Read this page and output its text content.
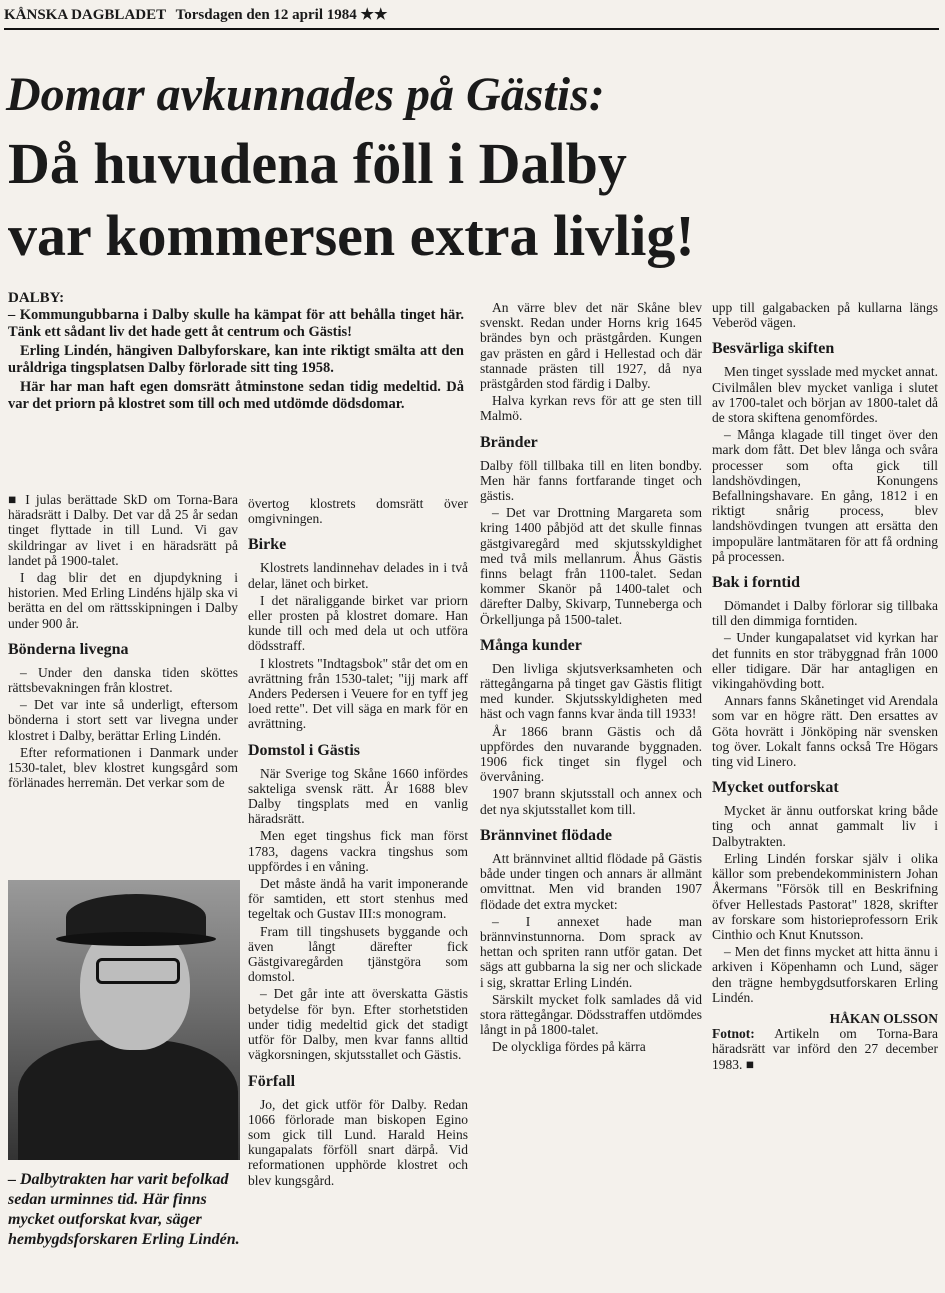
KÅNSKA DAGBLADET Torsdagen den 12 april 1984 ★★
Domar avkunnades på Gästis:
Då huvudena föll i Dalby
var kommersen extra livlig!
DALBY:

– Kommungubbarna i Dalby skulle ha kämpat för att behålla tinget här. Tänk ett sådant liv det hade gett åt centrum och Gästis!

Erling Lindén, hängiven Dalbyforskare, kan inte riktigt smälta att den uråldriga tingsplatsen Dalby förlorade sitt ting 1958.

Här har man haft egen domsrätt åtminstone sedan tidig medeltid. Då var det priorn på klostret som till och med utdömde dödsdomar.

■ I julas berättade SkD om Torna-Bara häradsrätt i Dalby. Det var då 25 år sedan tinget flyttade in till Lund. Vi gav skildringar av livet i en häradsrätt på landet på 1900-talet.

I dag blir det en djupdykning i historien. Med Erling Lindéns hjälp ska vi berätta en del om rättsskipningen i Dalby under 900 år.

Bönderna livegna

– Under den danska tiden sköttes rättsbevakningen från klostret.

– Det var inte så underligt, eftersom bönderna i stort sett var livegna under klostret i Dalby, berättar Erling Lindén.

Efter reformationen i Danmark under 1530-talet, blev klostret kungsgård som förlänades herremän. Det verkar som de

– Dalbytrakten har varit befolkad sedan urminnes tid. Här finns mycket outforskat kvar, säger hembygdsforskaren Erling Lindén.

övertog klostrets domsrätt över omgivningen.

Birke

Klostrets landinnehav delades in i två delar, länet och birket.

I det näraliggande birket var priorn eller prosten på klostret domare. Han kunde till och med dela ut och utföra dödsstraff.

I klostrets "Indtagsbok" står det om en avrättning från 1530-talet; "ijj mark aff Anders Pedersen i Veuere for en tyff jeg loed rette". Det vill säga en mark för en avrättning.

Domstol i Gästis

När Sverige tog Skåne 1660 infördes sakteliga svensk rätt. År 1688 blev Dalby tingsplats med en vanlig häradsrätt.

Men eget tingshus fick man först 1783, dagens vackra tingshus som uppfördes i en våning.

Det måste ändå ha varit imponerande för samtiden, ett stort stenhus med tegeltak och Gustav III:s monogram.

Fram till tingshusets byggande och även långt därefter fick Gästgivaregården tjänstgöra som domstol.

– Det går inte att överskatta Gästis betydelse för byn. Efter storhetstiden under tidig medeltid gick det stadigt utför för Dalby, men kvar fanns alltid vägkorsningen, skjutsstallet och Gästis.

Förfall

Jo, det gick utför för Dalby. Redan 1066 förlorade man biskopen Egino som gick till Lund. Harald Heins kungapalats förföll snart därpå. Vid reformationen upphörde klostret och blev kungsgård.

An värre blev det när Skåne blev svenskt. Redan under Horns krig 1645 brändes byn och prästgården. Kungen gav prästen en gård i Hellestad och där stannade prästen till 1927, då nya prästgården stod färdig i Dalby.

Halva kyrkan revs för att ge sten till Malmö.

Bränder

Dalby föll tillbaka till en liten bondby. Men här fanns fortfarande tinget och gästis.

– Det var Drottning Margareta som kring 1400 påbjöd att det skulle finnas gästgivaregård med skjutsskyldighet med två mils mellanrum. Åhus Gästis finns belagt från 1100-talet. Sedan kommer Skanör på 1400-talet och därefter Dalby, Skivarp, Tunneberga och Örkelljunga på 1500-talet.

Många kunder

Den livliga skjutsverksamheten och rättegångarna på tinget gav Gästis flitigt med kunder. Skjutsskyldigheten med häst och vagn fanns kvar ända till 1933!

År 1866 brann Gästis och då uppfördes den nuvarande byggnaden. 1906 fick tinget sin flygel och övervåning.

1907 brann skjutsstall och annex och det nya skjutsstallet kom till.

Brännvinet flödade

Att brännvinet alltid flödade på Gästis både under tingen och annars är allmänt omvittnat. Men vid branden 1907 flödade det extra mycket:

– I annexet hade man brännvinstunnorna. Dom sprack av hettan och spriten rann utför gatan. Det sägs att gubbarna la sig ner och slickade i sig, skrattar Erling Lindén.

Särskilt mycket folk samlades då vid stora rättegångar. Dödsstraffen utdömdes långt in på 1800-talet.

De olyckliga fördes på kärra

upp till galgabacken på kullarna längs Veberöd vägen.

Besvärliga skiften

Men tinget sysslade med mycket annat. Civilmålen blev mycket vanliga i slutet av 1700-talet och början av 1800-talet då de stora skiftena genomfördes.

– Många klagade till tinget över den mark dom fått. Det blev långa och svåra processer som ofta gick till landshövdingen, Konungens Befallningshavare. En gång, 1812 i en riktigt snårig process, blev landshövdingen tvungen att ersätta den impopuläre lantmätaren för att få ordning på processen.

Bak i forntid

Dömandet i Dalby förlorar sig tillbaka till den dimmiga forntiden.

– Under kungapalatset vid kyrkan har det funnits en stor träbyggnad från 1000 eller tidigare. Där har antagligen en vikingahövding bott.

Annars fanns Skånetinget vid Arendala som var en högre rätt. Den ersattes av Göta hovrätt i Jönköping när svensken tog över. Lokalt fanns också Tre Högars ting vid Linero.

Mycket outforskat

Mycket är ännu outforskat kring både ting och annat gammalt liv i Dalbytrakten.

Erling Lindén forskar själv i olika källor som prebendekomministern Johan Åkermans "Försök till en Beskrifning öfver Hellestads Pastorat" 1828, skrifter av forskare som historieprofessorn Erik Cinthio och Knut Knutsson.

– Men det finns mycket att hitta ännu i arkiven i Köpenhamn och Lund, säger den trägne hembygdsutforskaren Erling Lindén.

HÅKAN OLSSON

Fotnot: Artikeln om Torna-Bara häradsrätt var införd den 27 december 1983. ■
